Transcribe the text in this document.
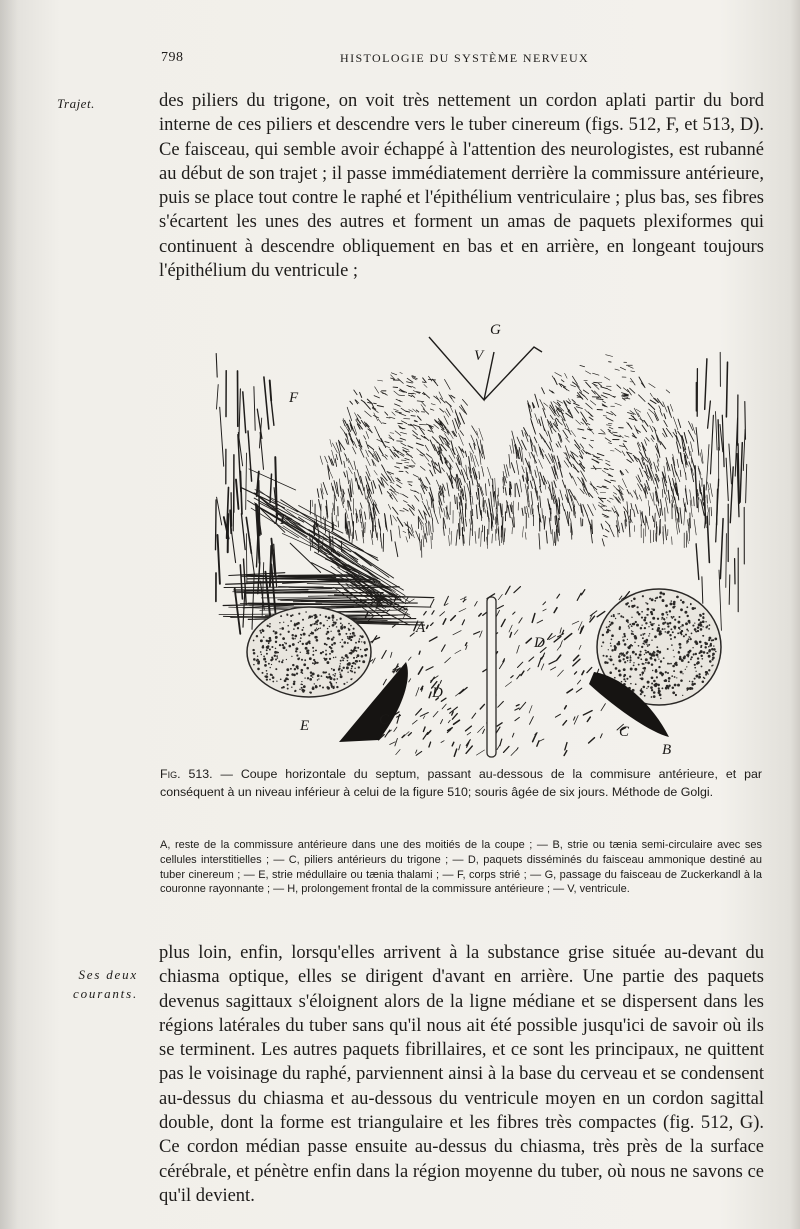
798	HISTOLOGIE DU SYSTÈME NERVEUX
Trajet.	des piliers du trigone, on voit très nettement un cordon aplati partir du bord interne de ces piliers et descendre vers le tuber cinereum (figs. 512, F, et 513, D). Ce faisceau, qui semble avoir échappé à l'attention des neurologistes, est rubanné au début de son trajet ; il passe immédiatement derrière la commissure antérieure, puis se place tout contre le raphé et l'épithélium ventriculaire ; plus bas, ses fibres s'écartent les unes des autres et forment un amas de paquets plexiformes qui continuent à descendre obliquement en bas et en arrière, en longeant toujours l'épithélium du ventricule ;

G
V
F
H
A
D
D
E	C
C
B

Fig. 513. — Coupe horizontale du septum, passant au-dessous de la commisure antérieure, et par conséquent à un niveau inférieur à celui de la figure 510; souris âgée de six jours. Méthode de Golgi.

A, reste de la commissure antérieure dans une des moitiés de la coupe ; — B, strie ou tænia semi-circulaire avec ses cellules interstitielles ; — C, piliers antérieurs du trigone ; — D, paquets disséminés du faisceau ammonique destiné au tuber cinereum ; — E, strie médullaire ou tænia thalami ; — F, corps strié ; — G, passage du faisceau de Zuckerkandl à la couronne rayonnante ; — H, prolongement frontal de la commissure antérieure ; — V, ventricule.

Ses deux
courants.

plus loin, enfin, lorsqu'elles arrivent à la substance grise située au-devant du chiasma optique, elles se dirigent d'avant en arrière. Une partie des paquets devenus sagittaux s'éloignent alors de la ligne médiane et se dispersent dans les régions latérales du tuber sans qu'il nous ait été possible jusqu'ici de savoir où ils se terminent. Les autres paquets fibrillaires, et ce sont les principaux, ne quittent pas le voisinage du raphé, parviennent ainsi à la base du cerveau et se condensent au-dessus du chiasma et au-dessous du ventricule moyen en un cordon sagittal double, dont la forme est triangulaire et les fibres très compactes (fig. 512, G). Ce cordon médian passe ensuite au-dessus du chiasma, très près de la surface cérébrale, et pénètre enfin dans la région moyenne du tuber, où nous ne savons ce qu'il devient.
